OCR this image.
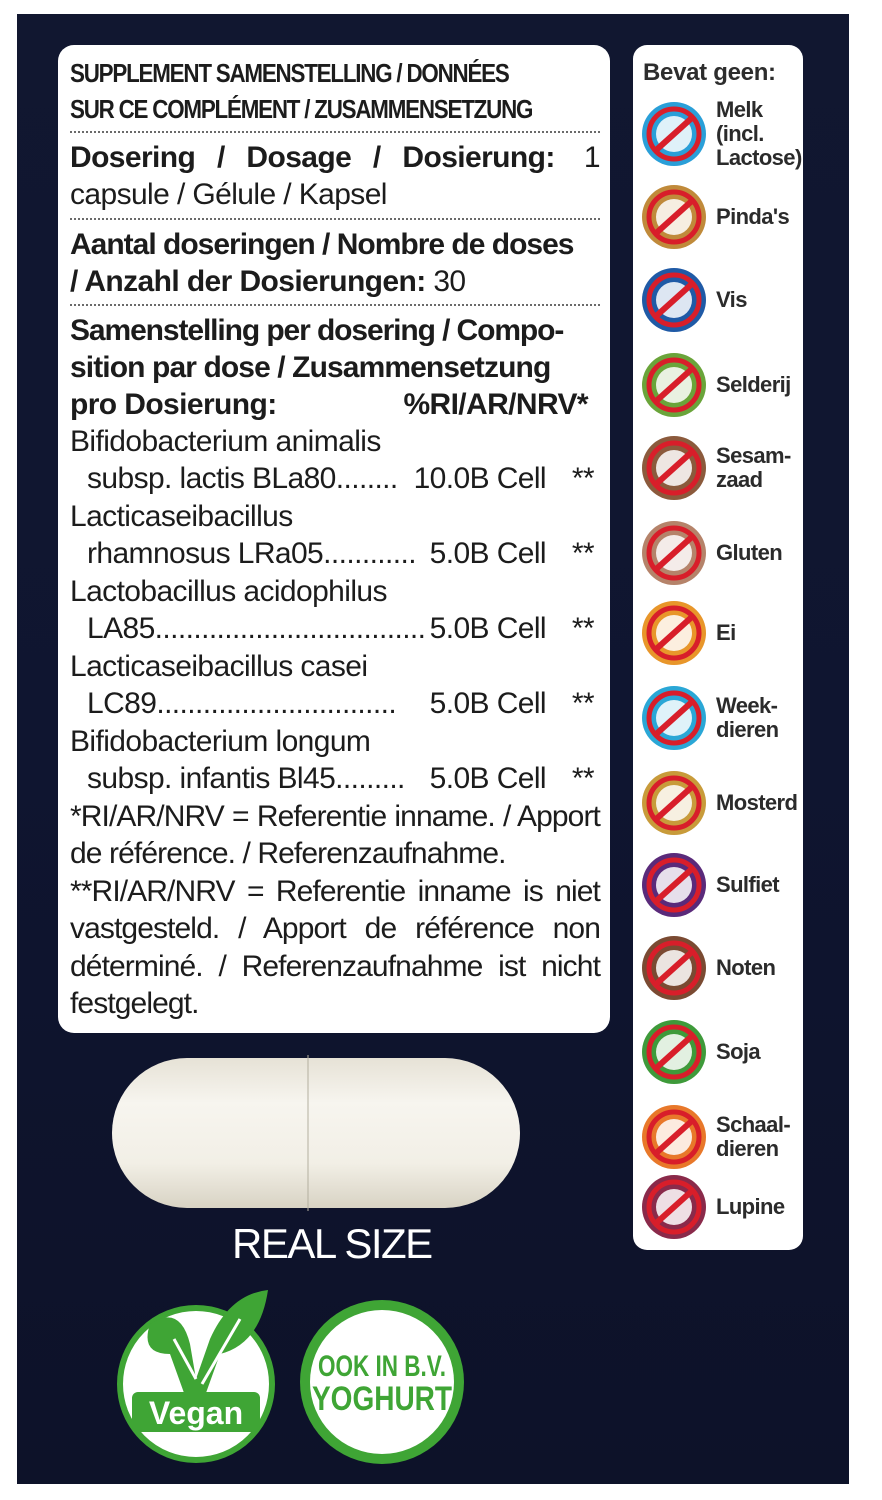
SUPPLEMENT SAMENSTELLING / DONNÉES
SUR CE COMPLÉMENT / ZUSAMMENSETZUNG
Dosering / Dosage / Dosierung: 1
capsule / Gélule / Kapsel
Aantal doseringen / Nombre de doses
/ Anzahl der Dosierungen: 30
Samenstelling per dosering / Compo-
sition par dose / Zusammensetzung
pro Dosierung:	%RI/AR/NRV*
Bifidobacterium animalis
subsp. lactis BLa80 ........ 10.0B Cell **
Lacticaseibacillus
rhamnosus LRa05 ............ 5.0B Cell **
Lactobacillus acidophilus
LA85 ................................... 5.0B Cell **
Lacticaseibacillus casei
LC89 ...............................	5.0B Cell **
Bifidobacterium longum
subsp. infantis Bl45 ......... 5.0B Cell **
*RI/AR/NRV = Referentie inname. / Apport de référence. / Referenzaufnahme.
**RI/AR/NRV = Referentie inname is niet vastgesteld. / Apport de référence non déterminé. / Referenzaufnahme ist nicht festgelegt.
Bevat geen:
Melk
(incl.
Lactose)
Pinda's
Vis
Selderij
Sesam-
zaad
Gluten
Ei
Week-
dieren
Mosterd
Sulfiet
Noten
Soja
Schaal-
dieren
Lupine
REAL SIZE
Vegan
OOK IN B.V.
YOGHURT
